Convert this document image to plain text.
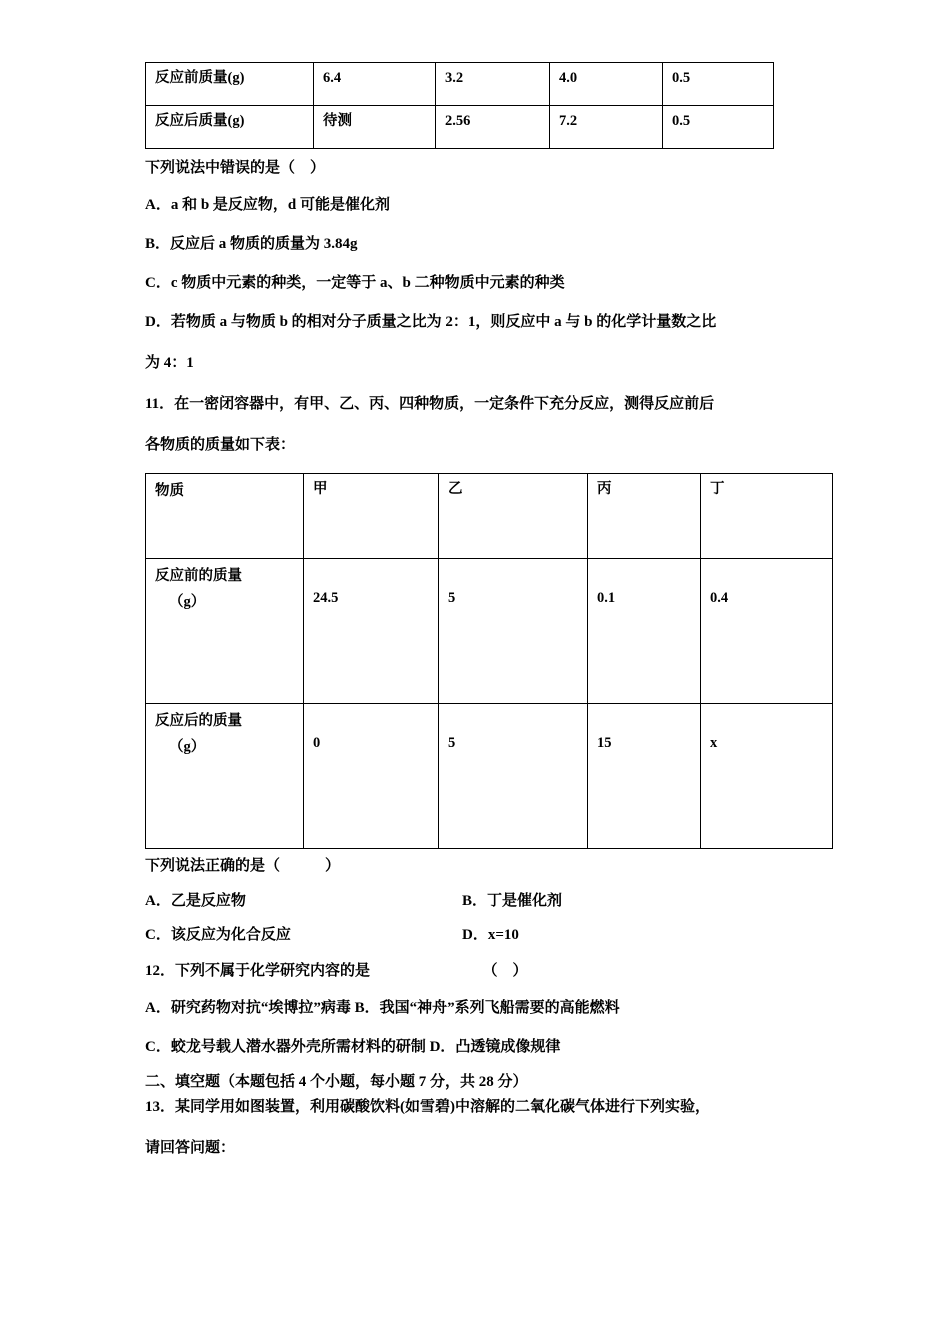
反应前质量(g)	6.4	3.2	4.0	0.5
反应后质量(g)	待测	2.56	7.2	0.5

下列说法中错误的是（　）

A．a 和 b 是反应物，d 可能是催化剂

B．反应后 a 物质的质量为 3.84g

C．c 物质中元素的种类，一定等于 a、b 二种物质中元素的种类

D．若物质 a 与物质 b 的相对分子质量之比为 2：1，则反应中 a 与 b 的化学计量数之比

为 4：1

11．在一密闭容器中，有甲、乙、丙、四种物质，一定条件下充分反应，测得反应前后

各物质的质量如下表：

物质	甲	乙	丙	丁
反应前的质量
（g）	24.5	5	0.1	0.4
反应后的质量
（g）	0	5	15	x

下列说法正确的是（　　　）

A．乙是反应物	B．丁是催化剂
C．该反应为化合反应	D．x=10

12．下列不属于化学研究内容的是　　　　　　　　（　）

A．研究药物对抗“埃博拉”病毒 B．我国“神舟”系列飞船需要的高能燃料

C．蛟龙号载人潜水器外壳所需材料的研制 D．凸透镜成像规律

二、填空题（本题包括 4 个小题，每小题 7 分，共 28 分）

13．某同学用如图装置，利用碳酸饮料(如雪碧)中溶解的二氧化碳气体进行下列实验，

请回答问题：
